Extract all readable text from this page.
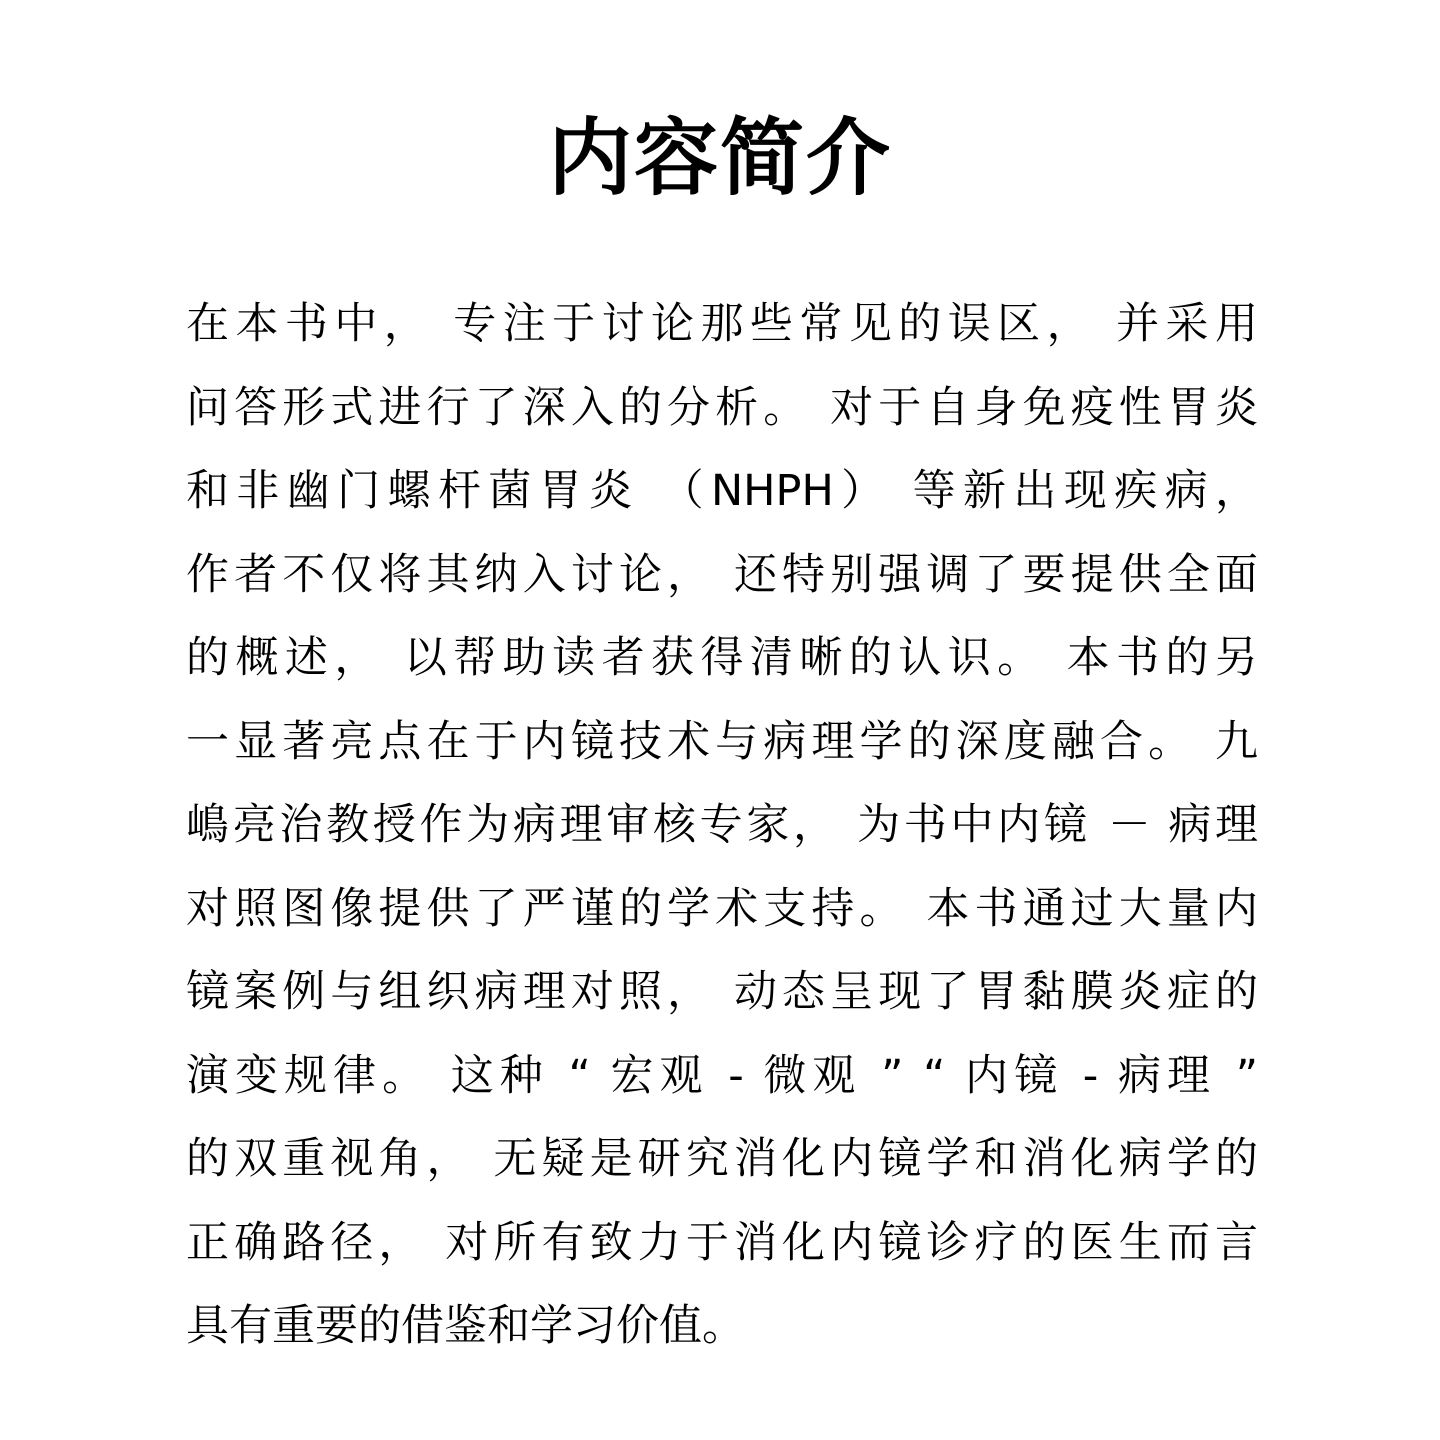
内容简介
在本书中， 专注于讨论那些常见的误区， 并采用
问答形式进行了深入的分析。 对于自身免疫性胃炎
和非幽门螺杆菌胃炎 （NHPH） 等新出现疾病，
作者不仅将其纳入讨论， 还特别强调了要提供全面
的概述， 以帮助读者获得清晰的认识。 本书的另
一显著亮点在于内镜技术与病理学的深度融合。 九
嶋亮治教授作为病理审核专家， 为书中内镜 － 病理
对照图像提供了严谨的学术支持。 本书通过大量内
镜案例与组织病理对照， 动态呈现了胃黏膜炎症的
演变规律。 这种 “ 宏观 - 微观 ” “ 内镜 - 病理 ”
的双重视角， 无疑是研究消化内镜学和消化病学的
正确路径， 对所有致力于消化内镜诊疗的医生而言
具有重要的借鉴和学习价值。
